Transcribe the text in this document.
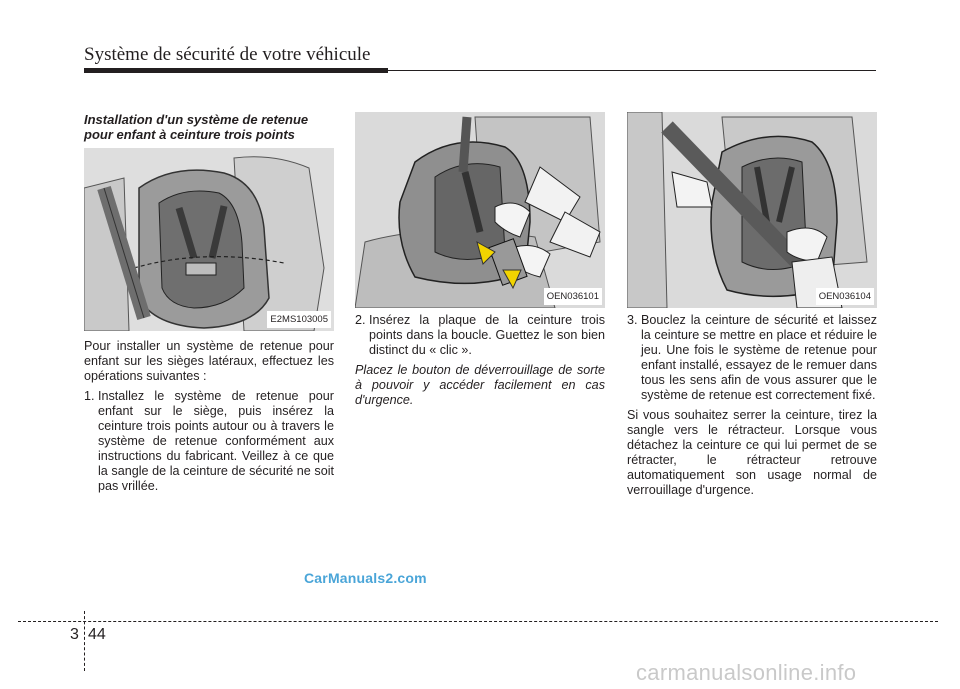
Système de sécurité de votre véhicule
Installation d'un système de retenue pour enfant à ceinture trois points
E2MS103005

Pour installer un système de retenue pour enfant sur les sièges latéraux, effectuez les opérations suivantes :

1. Installez le système de retenue pour enfant sur le siège, puis insérez la ceinture trois points autour ou à travers le système de retenue conformément aux instructions du fabricant. Veillez à ce que la sangle de la ceinture de sécurité ne soit pas vrillée.
OEN036101
2. Insérez la plaque de la ceinture trois points dans la boucle. Guettez le son bien distinct du « clic ».

Placez le bouton de déverrouillage de sorte à pouvoir y accéder facilement en cas d'urgence.

OEN036104
3. Bouclez la ceinture de sécurité et laissez la ceinture se mettre en place et réduire le jeu. Une fois le système de retenue pour enfant installé, essayez de le remuer dans tous les sens afin de vous assurer que le système de retenue est correctement fixé.

Si vous souhaitez serrer la ceinture, tirez la sangle vers le rétracteur. Lorsque vous détachez la ceinture ce qui lui permet de se rétracter, le rétracteur retrouve automatiquement son usage normal de verrouillage d'urgence.

CarManuals2.com
3 44
carmanualsonline.info
